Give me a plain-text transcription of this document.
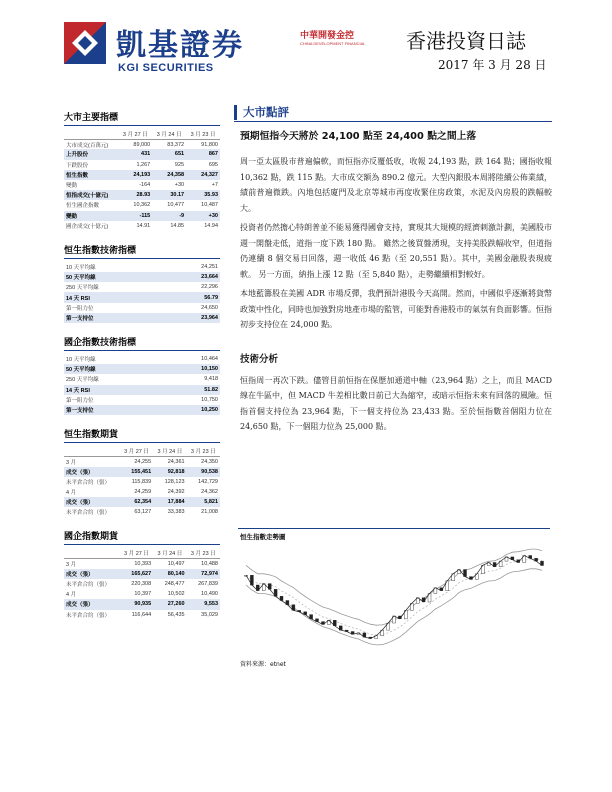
凱基證券
KGI SECURITIES
中華開發金控
CHINA DEVELOPMENT FINANCIAL 香港投資日誌
2017 年 3 月 28 日
大市主要指標
	3 月 27 日	3 月 24 日	3 月 23 日
大市成交(百萬元)	89,000	83,372	91,800
上升股份	431	651	867
下跌股份	1,267	925	695
恒生指數	24,193	24,358	24,327
變動	-164	+30	+7
恒指成交(十億元)	28.93	30.17	35.93
恒生國企指數	10,362	10,477	10,487
變動	-115	-9	+30
國企成交(十億元)	14.91	14.85	14.94
恒生指數技術指標
10 天平均線	24,251
50 天平均線	23,664
250 天平均線	22,296
14 天 RSI	56.79
第一阻力位	24,650
第一支持位	23,964
國企指數技術指標
10 天平均線	10,464
50 天平均線	10,150
250 天平均線	9,418
14 天 RSI	51.82
第一阻力位	10,750
第一支持位	10,250
恒生指數期貨
	3 月 27 日	3 月 24 日	3 月 23 日
3 月	24,255	24,361	24,350
成交（張）	155,451	92,818	90,538
未平倉合約（張）	115,839	128,123	142,729
4 月	24,259	24,392	24,362
成交（張）	62,354	17,884	5,821
未平倉合約（張）	63,127	33,383	21,008
國企指數期貨
	3 月 27 日	3 月 24 日	3 月 23 日
3 月	10,393	10,497	10,488
成交（張）	165,627	80,140	72,974
未平倉合約（張）	220,308	248,477	267,839
4 月	10,397	10,502	10,490
成交（張）	90,935	27,260	9,553
未平倉合約（張）	116,644	56,435	35,029
大市點評
預期恒指今天將於 24,100 點至 24,400 點之間上落

周一亞太區股市普遍偏軟，而恒指亦反覆低收，收報 24,193 點，跌 164 點；國指收報 10,362 點，跌 115 點。大市成交額為 890.2 億元。大型內銀股本周將陸續公佈業績，績前普遍微跌。內地包括廈門及北京等城市再度收緊住房政策，水泥及內房股的跌幅較大。

投資者仍然擔心特朗普並不能易獲得國會支持，實現其大規模的經濟刺激計劃，美國股市週一開盤走低，道指一度下跌 180 點。 雖然之後買盤湧現，支持美股跌幅收窄，但道指仍連續 8 個交易日回落，週一收低 46 點（至 20,551 點）。其中，美國金融股表現疲軟。 另一方面，納指上漲 12 點（至 5,840 點），走勢繼續相對較好。

本地藍籌股在美國 ADR 市場反彈，我們預計港股今天高開。然而，中國似乎逐漸將貨幣政策中性化，同時也加強對房地產市場的監管，可能對香港股市的氣氛有負面影響。恒指初步支持位在 24,000 點。

技術分析

恒指周一再次下跌。儘管目前恒指在保歷加通道中軸（23,964 點）之上，而且 MACD 線在牛區中，但 MACD 牛差相比數日前已大為縮窄，或暗示恒指未來有回落的風險。恒指首個支持位為 23,964 點，下一個支持位為 23,433 點。至於恒指數首個阻力位在 24,650 點，下一個阻力位為 25,000 點。

恒生指數走勢圖
資料來源：etnet
